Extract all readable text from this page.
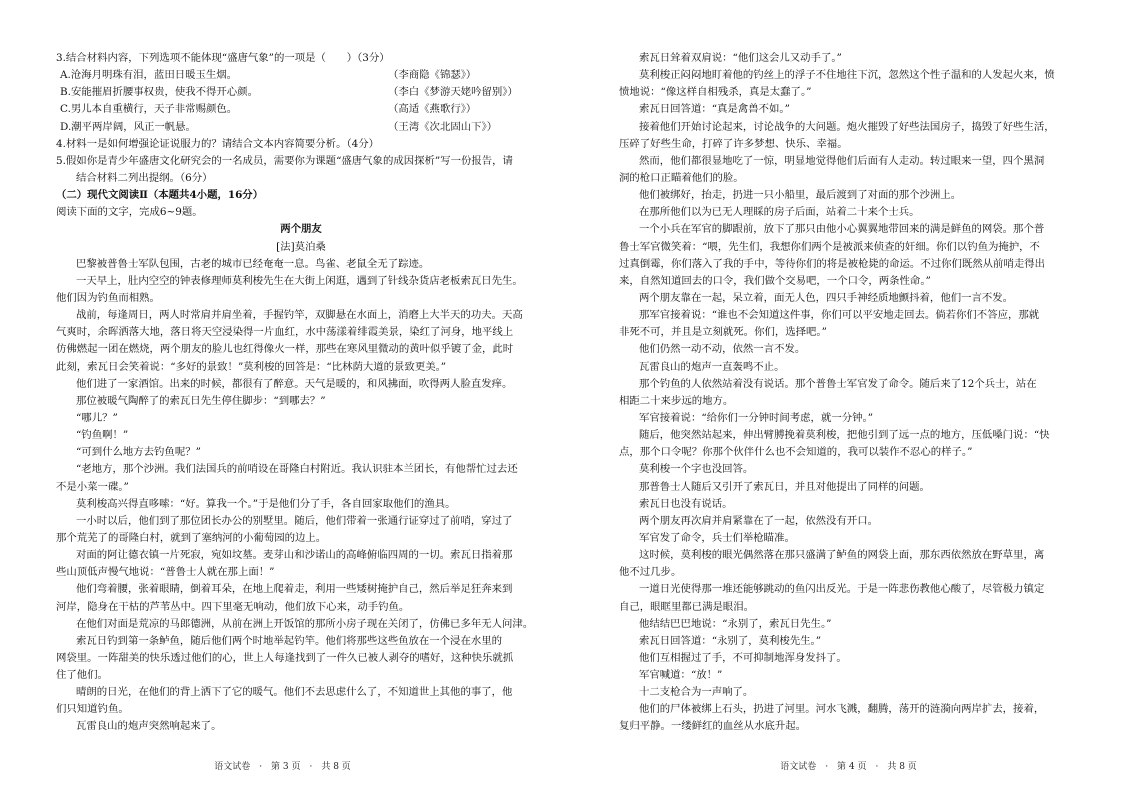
3.结合材料内容，下列选项不能体现“盛唐气象”的一项是（　　）（3分）
A.沧海月明珠有泪，蓝田日暖玉生烟。	（李商隐《锦瑟》）
B.安能摧眉折腰事权贵，使我不得开心颜。	（李白《梦游天姥吟留别》）
C.男儿本自重横行，天子非常赐颜色。	（高适《燕歌行》）
D.潮平两岸阔，风正一帆悬。	（王湾《次北固山下》）
4.材料一是如何增强论证说服力的？请结合文本内容简要分析。（4分）
5.假如你是青少年盛唐文化研究会的一名成员，需要你为课题“盛唐气象的成因探析”写一份报告，请
结合材料二列出提纲。（6分）
（二）现代文阅读Ⅱ（本题共4小题，16分）
阅读下面的文字，完成6~9题。
两个朋友
[法]莫泊桑
巴黎被普鲁士军队包围，古老的城市已经奄奄一息。鸟雀、老鼠全无了踪迹。
一天早上，肚内空空的钟表修理师莫利梭先生在大街上闲逛，遇到了针线杂货店老板索瓦日先生。
他们因为钓鱼而相熟。
战前，每逢周日，两人时常肩并肩坐着，手握钓竿，双脚悬在水面上，消磨上大半天的功夫。天高
气爽时，余晖洒落大地，落日将天空浸染得一片血红，水中荡漾着绯霞美景，染红了河身，地平线上
仿佛燃起一团在燃烧，两个朋友的脸儿也红得像火一样，那些在寒风里微动的黄叶似乎镀了金，此时
此刻，索瓦日会笑着说：“多好的景致！”莫利梭的回答是：“比林荫大道的景致更美。”
他们进了一家酒馆。出来的时候，都很有了醉意。天气是暖的，和风拂面，吹得两人脸直发痒。
那位被暖气陶醉了的索瓦日先生停住脚步：“到哪去？”
“哪儿？”
“钓鱼啊！”
“可到什么地方去钓鱼呢？”
“老地方，那个沙洲。我们法国兵的前哨设在哥隆白村附近。我认识驻本兰团长，有他帮忙过去还
不是小菜一碟。”
莫利梭高兴得直哆嗦：“好。算我一个。”于是他们分了手，各自回家取他们的渔具。
一小时以后，他们到了那位团长办公的别墅里。随后，他们带着一张通行证穿过了前哨，穿过了
那个荒芜了的哥隆白村，就到了塞纳河的小葡萄园的边上。
对面的阿让德衣镇一片死寂，宛如坟墓。麦芽山和沙诺山的高峰俯临四周的一切。索瓦日指着那
些山顶低声慢气地说：“普鲁士人就在那上面！”
他们弯着腰，张着眼睛，倒着耳朵，在地上爬着走，利用一些矮树掩护自己，然后举足狂奔来到
河岸，隐身在干枯的芦苇丛中。四下里毫无响动，他们放下心来，动手钓鱼。
在他们对面是荒凉的马郎德洲，从前在洲上开饭馆的那所小房子现在关闭了，仿佛已多年无人问津。
索瓦日钓到第一条鲈鱼，随后他们两个时地举起钓竿。他们将那些这些鱼放在一个浸在水里的
网袋里。一阵甜美的快乐透过他们的心，世上人每逢找到了一件久已被人剥夺的嗜好，这种快乐就抓
住了他们。
晴朗的日光，在他们的背上洒下了它的暖气。他们不去思虑什么了，不知道世上其他的事了，他
们只知道钓鱼。
瓦雷良山的炮声突然响起来了。
语文试卷　·　第 3 页　·　共 8 页
索瓦日耸着双肩说：“他们这会儿又动手了。”
莫利梭正闷闷地盯着他的钓丝上的浮子不住地往下沉，忽然这个性子温和的人发起火来，愤
愤地说：“像这样自相残杀，真是太蠢了。”
索瓦日回答道：“真是禽兽不如。”
接着他们开始讨论起来，讨论战争的大问题。炮火摧毁了好些法国房子，捣毁了好些生活，
压碎了好些生命，打碎了许多梦想、快乐、幸福。
然而，他们都很显地吃了一惊，明显地觉得他们后面有人走动。转过眼来一望，四个黑洞
洞的枪口正瞄着他们的脸。
他们被绑好，抬走，扔进一只小船里，最后渡到了对面的那个沙洲上。
在那所他们以为已无人理睬的房子后面，站着二十来个士兵。
一个小兵在军官的脚跟前，放下了那只由他小心翼翼地带回来的满是鲜鱼的网袋。那个普
鲁士军官微笑着：“喂，先生们，我想你们两个是被派来侦查的奸细。你们以钓鱼为掩护，不
过真倒霉，你们落入了我的手中，等待你们的将是被枪毙的命运。不过你们既然从前哨走得出
来，自然知道回去的口令，我们做个交易吧，一个口令，两条性命。”
两个朋友靠在一起，呆立着，面无人色，四只手神经质地颤抖着，他们一言不发。
那军官接着说：“谁也不会知道这件事，你们可以平安地走回去。倘若你们不答应，那就
非死不可，并且是立刻就死。你们，选择吧。”
他们仍然一动不动，依然一言不发。
瓦雷良山的炮声一直轰鸣不止。
那个钓鱼的人依然站着没有说话。那个普鲁士军官发了命令。随后来了12个兵士，站在
相距二十来步远的地方。
军官接着说：“给你们一分钟时间考虑，就一分钟。”
随后，他突然站起来，伸出臂膊挽着莫利梭，把他引到了远一点的地方，压低嗓门说：“快
点，那个口令呢？你那个伙伴什么也不会知道的，我可以装作不忍心的样子。”
莫利梭一个字也没回答。
那普鲁士人随后又引开了索瓦日，并且对他提出了同样的问题。
索瓦日也没有说话。
两个朋友再次肩并肩紧靠在了一起，依然没有开口。
军官发了命令，兵士们举枪瞄准。
这时候，莫利梭的眼光偶然落在那只盛满了鲈鱼的网袋上面，那东西依然放在野草里，离
他不过几步。
一道日光使得那一堆还能够跳动的鱼闪出反光。于是一阵悲伤教他心酸了，尽管极力镇定
自己，眼眶里都已满是眼泪。
他结结巴巴地说：“永别了，索瓦日先生。”
索瓦日回答道：“永别了，莫利梭先生。”
他们互相握过了手，不可抑制地浑身发抖了。
军官喊道：“放！”
十二支枪合为一声响了。
他们的尸体被绑上石头，扔进了河里。河水飞溅，翻腾，荡开的涟漪向两岸扩去，接着，
复归平静。一缕鲜红的血丝从水底升起。
语文试卷　·　第 4 页　·　共 8 页
